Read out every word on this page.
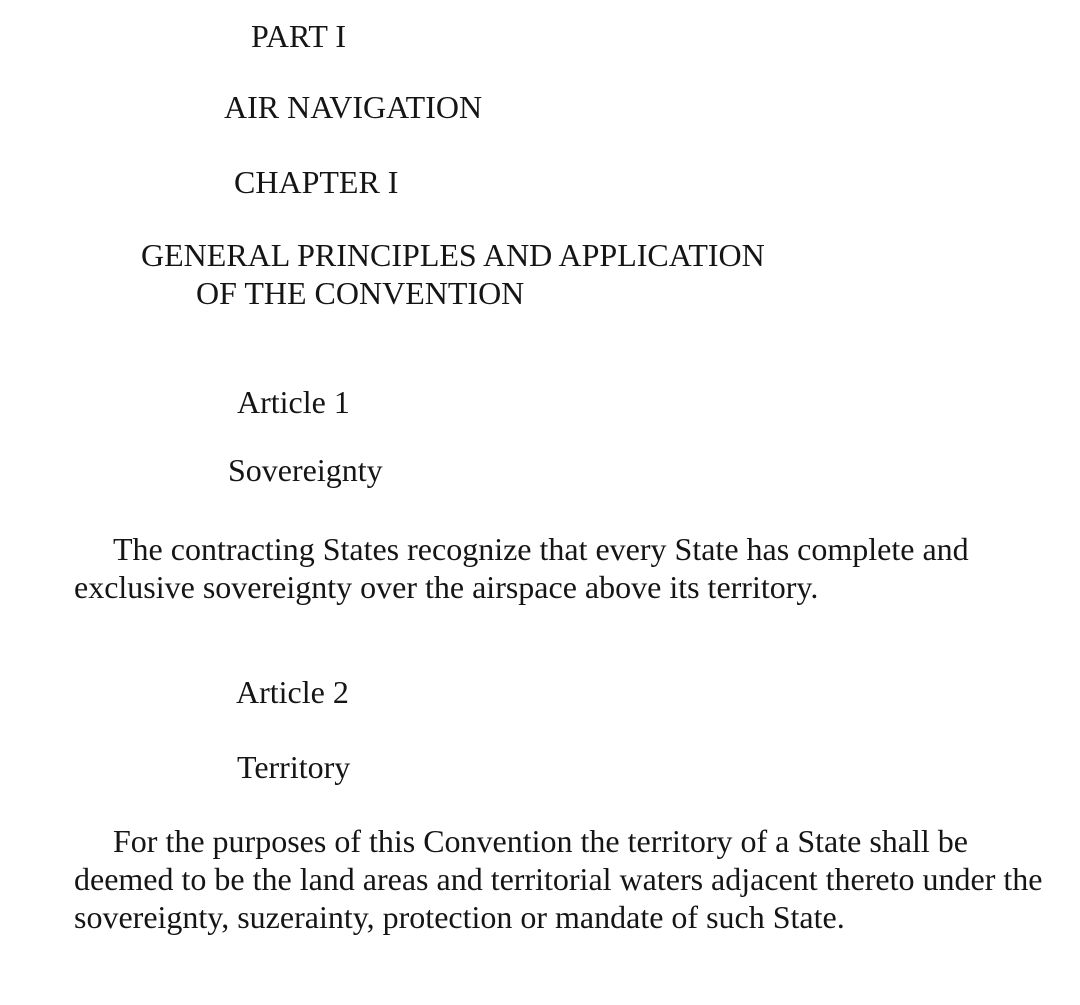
PART I
AIR NAVIGATION
CHAPTER I
GENERAL PRINCIPLES AND APPLICATION
OF THE CONVENTION
Article 1
Sovereignty

The contracting States recognize that every State has complete and exclusive sovereignty over the airspace above its territory.

Article 2
Territory

For the purposes of this Convention the territory of a State shall be deemed to be the land areas and territorial waters adjacent thereto under the sovereignty, suzerainty, protection or mandate of such State.
